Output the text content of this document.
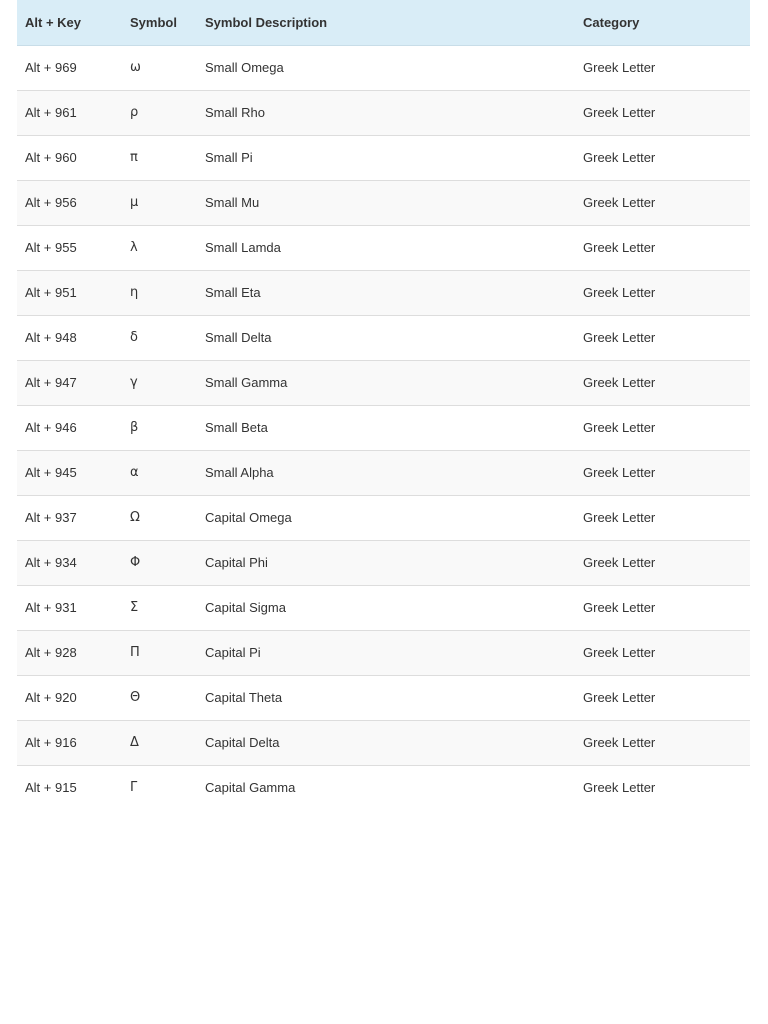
Alt + Key	Symbol	Symbol Description	Category
Alt + 969	ω	Small Omega	Greek Letter
Alt + 961	ρ	Small Rho	Greek Letter
Alt + 960	π	Small Pi	Greek Letter
Alt + 956	μ	Small Mu	Greek Letter
Alt + 955	λ	Small Lamda	Greek Letter
Alt + 951	η	Small Eta	Greek Letter
Alt + 948	δ	Small Delta	Greek Letter
Alt + 947	γ	Small Gamma	Greek Letter
Alt + 946	β	Small Beta	Greek Letter
Alt + 945	α	Small Alpha	Greek Letter
Alt + 937	Ω	Capital Omega	Greek Letter
Alt + 934	Φ	Capital Phi	Greek Letter
Alt + 931	Σ	Capital Sigma	Greek Letter
Alt + 928	Π	Capital Pi	Greek Letter
Alt + 920	Θ	Capital Theta	Greek Letter
Alt + 916	Δ	Capital Delta	Greek Letter
Alt + 915	Γ	Capital Gamma	Greek Letter
